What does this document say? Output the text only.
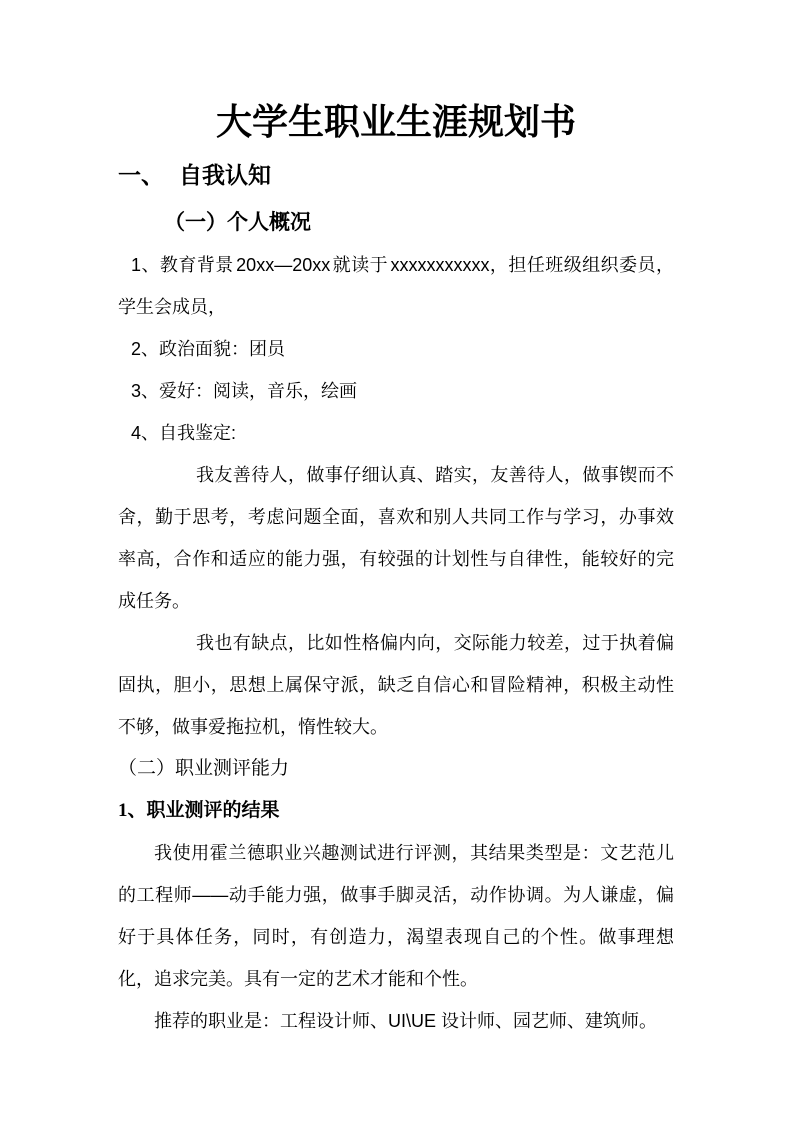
大学生职业生涯规划书
一、 自我认知
（一）个人概况

1、教育背景 20xx—20xx 就读于 xxxxxxxxxxx，担任班级组织委员，学生会成员，

2、政治面貌：团员

3、爱好：阅读，音乐，绘画

4、自我鉴定:

我友善待人，做事仔细认真、踏实，友善待人，做事锲而不舍，勤于思考，考虑问题全面，喜欢和别人共同工作与学习，办事效率高，合作和适应的能力强，有较强的计划性与自律性，能较好的完成任务。

我也有缺点，比如性格偏内向，交际能力较差，过于执着偏固执，胆小，思想上属保守派，缺乏自信心和冒险精神，积极主动性不够，做事爱拖拉机，惰性较大。

（二）职业测评能力

1、职业测评的结果

我使用霍兰德职业兴趣测试进行评测，其结果类型是：文艺范儿的工程师——动手能力强，做事手脚灵活，动作协调。为人谦虚，偏好于具体任务，同时，有创造力，渴望表现自己的个性。做事理想化，追求完美。具有一定的艺术才能和个性。

推荐的职业是：工程设计师、UI\UE 设计师、园艺师、建筑师。
